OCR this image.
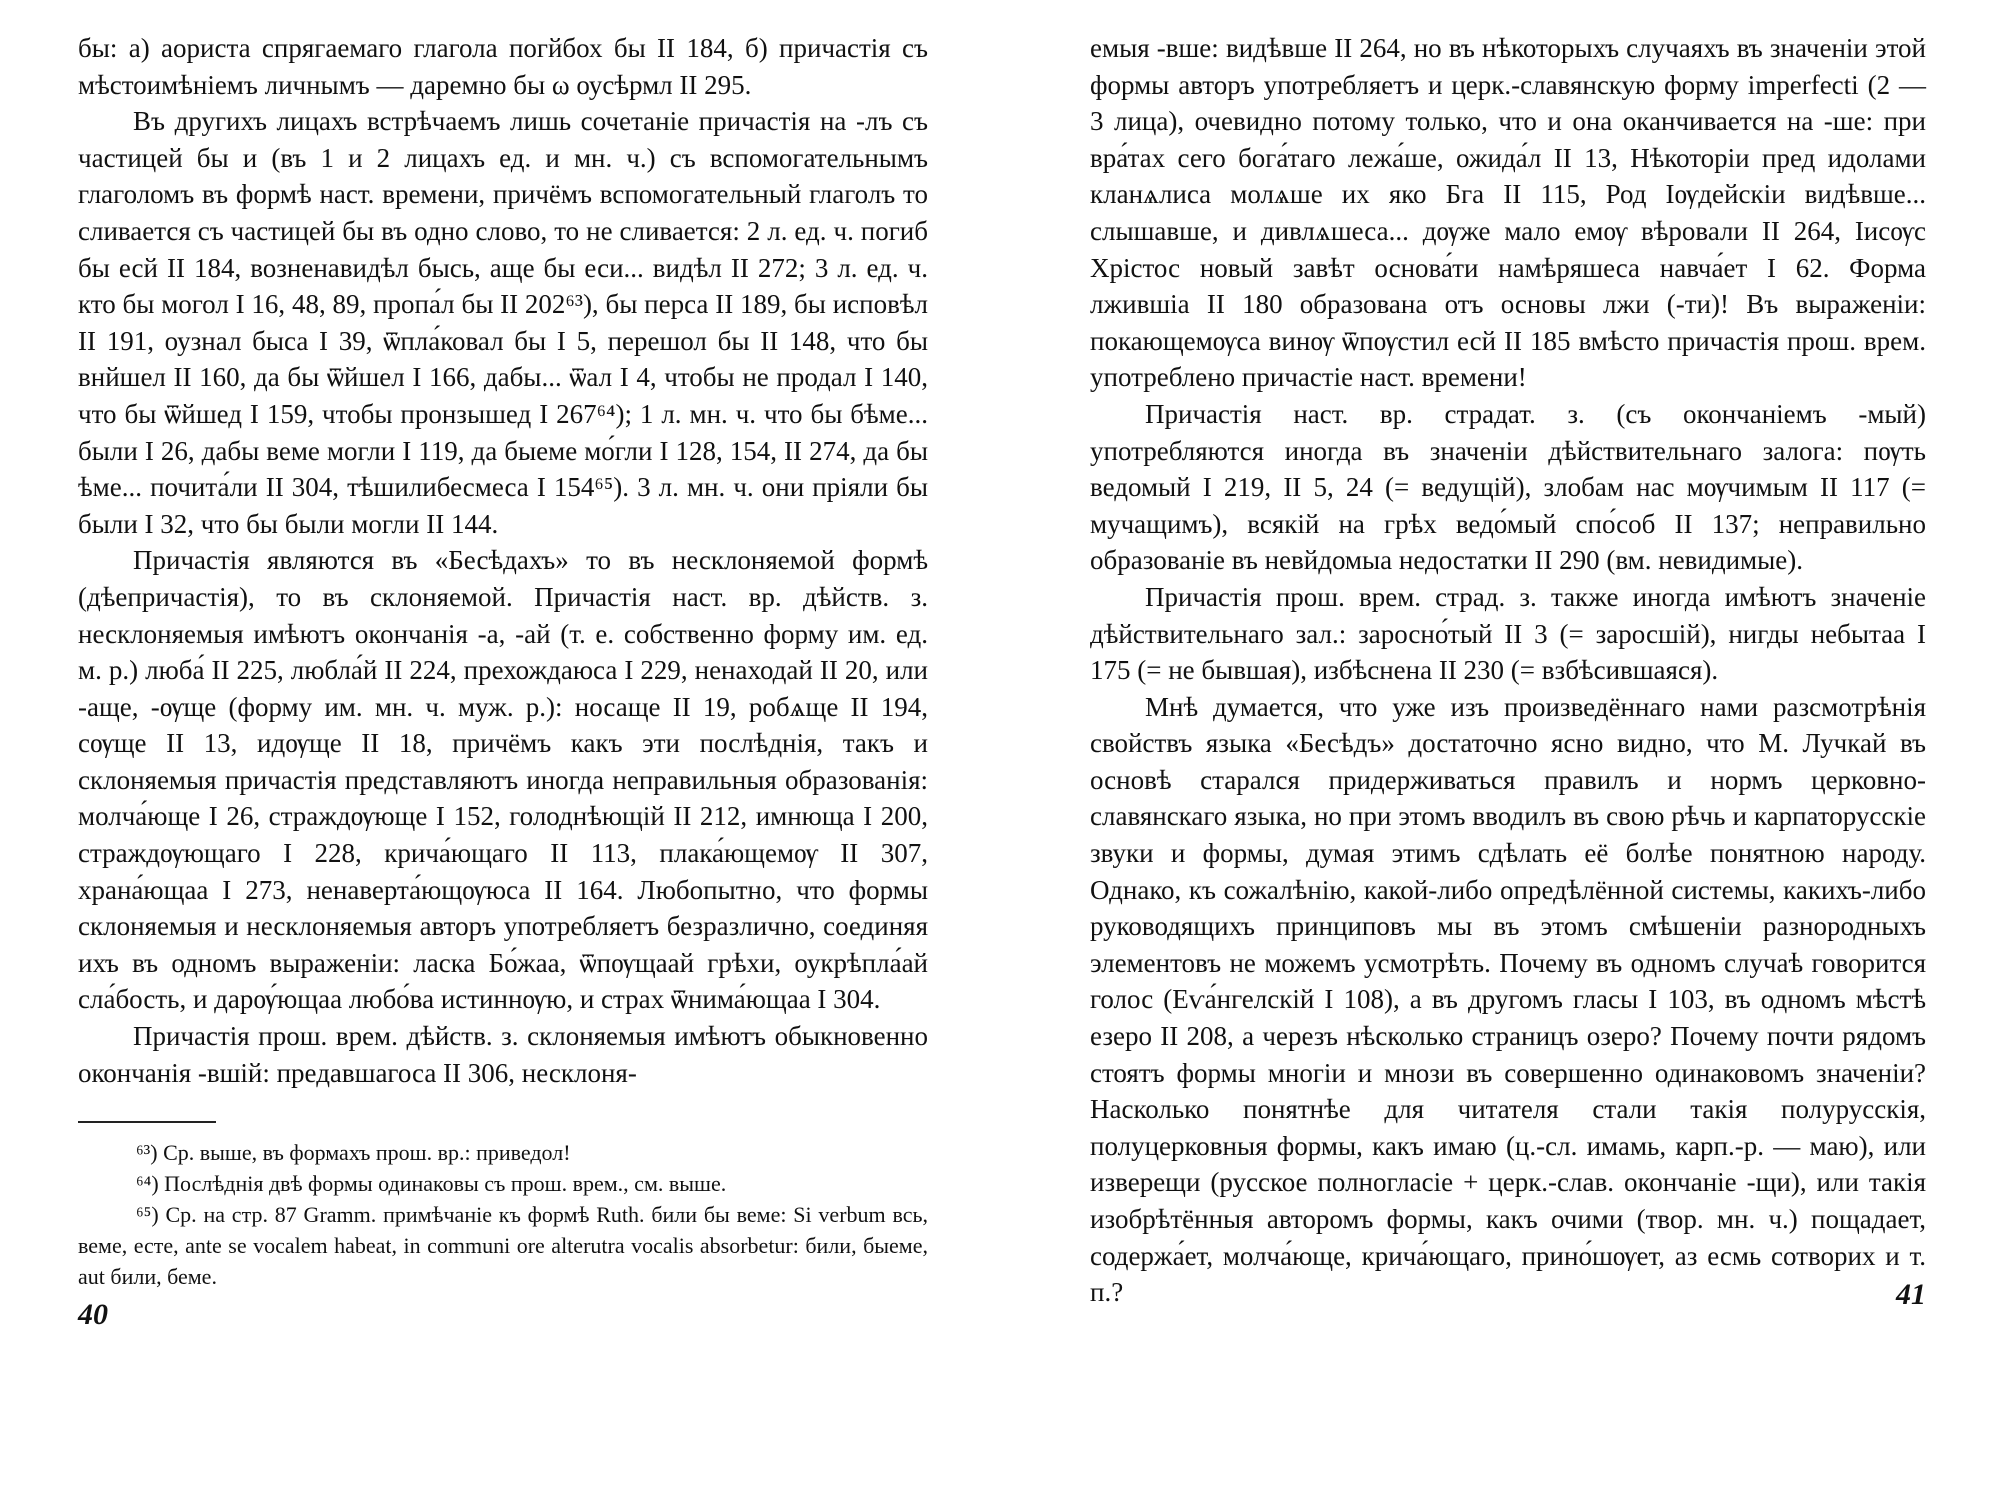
бы: а) аориста спрягаемаго глагола погйбох бы II 184, б) причастія съ мѣстоимѣніемъ личнымъ — даремно бы ω оусѣрмл II 295.

Въ другихъ лицахъ встрѣчаемъ лишь сочетаніе причастія на -лъ съ частицей бы и (въ 1 и 2 лицахъ ед. и мн. ч.) съ вспомогательнымъ глаголомъ въ формѣ наст. времени, причёмъ вспомогательный глаголъ то сливается съ частицей бы въ одно слово, то не сливается: 2 л. ед. ч. погиб бы есй II 184, возненавидѣл бысь, аще бы еси... видѣл II 272; 3 л. ед. ч. кто бы могол I 16, 48, 89, пропа́л бы II 202⁶³), бы перса II 189, бы исповѣл II 191, оузнал быса I 39, ѿпла́ковал бы I 5, перешол бы II 148, что бы внйшел II 160, да бы ѿйшел I 166, дабы... ѿал I 4, чтобы не продал I 140, что бы ѿйшед I 159, чтобы пронзышед I 267⁶⁴); 1 л. мн. ч. что бы бѣме... были I 26, дабы веме могли I 119, да быеме мо́гли I 128, 154, II 274, да бы ѣме... почита́ли II 304, тѣшилибесмеса I 154⁶⁵). 3 л. мн. ч. они пріяли бы были I 32, что бы были могли II 144.

Причастія являются въ «Бесѣдахъ» то въ несклоняемой формѣ (дѣепричастія), то въ склоняемой. Причастія наст. вр. дѣйств. з. несклоняемыя имѣютъ окончанія -а, -ай (т. е. собственно форму им. ед. м. р.) люба́ II 225, любла́й II 224, прехождаюса I 229, ненаходай II 20, или -аще, -ѹще (форму им. мн. ч. муж. р.): носаще II 19, робѧще II 194, сѹще II 13, идѹще II 18, причёмъ какъ эти послѣднія, такъ и склоняемыя причастія представляютъ иногда неправильныя образованія: молча́юще I 26, страждѹюще I 152, голоднѣющій II 212, имнюща I 200, страждѹющаго I 228, крича́ющаго II 113, плака́ющемѹ II 307, храна́ющаа I 273, ненаверта́ющѹюса II 164. Любопытно, что формы склоняемыя и несклоняемыя авторъ употребляетъ безразлично, соединяя ихъ въ одномъ выраженіи: ласка Бо́жаа, ѿпѹщаай грѣхи, оукрѣпла́ай сла́бость, и дарѹ́ющаа любо́ва истиннѹю, и страх ѿнима́ющаа I 304.

Причастія прош. врем. дѣйств. з. склоняемыя имѣютъ обыкновенно окончанія -вшій: предавшагоса II 306, несклоня-

⁶³) Ср. выше, въ формахъ прош. вр.: приведол!

⁶⁴) Послѣднія двѣ формы одинаковы съ прош. врем., см. выше.

⁶⁵) Ср. на стр. 87 Gramm. примѣчаніе къ формѣ Ruth. били бы веме: Si verbum всь, веме, есте, ante se vocalem habeat, in communi ore alterutra vocalis absorbetur: били, быеме, aut били, беме.

40

емыя -вше: видѣвше II 264, но въ нѣкоторыхъ случаяхъ въ значеніи этой формы авторъ употребляетъ и церк.-славянскую форму imperfecti (2 — 3 лица), очевидно потому только, что и она оканчивается на -ше: при вра́тах сего бога́таго лежа́ше, ожида́л II 13, Нѣкоторіи пред идолами кланѧлиса молѧше их яко Бга II 115, Род Іѹдейскіи видѣвше... слышавше, и дивлѧшеса... дѹже мало емѹ вѣровали II 264, Іисѹс Хрістос новый завѣт основа́ти намѣряшеса навча́ет I 62. Форма лжившіа II 180 образована отъ основы лжи (-ти)! Въ выраженіи: покающемѹса винѹ ѿпѹстил есй II 185 вмѣсто причастія прош. врем. употреблено причастіе наст. времени!

Причастія наст. вр. страдат. з. (съ окончаніемъ -мый) употребляются иногда въ значеніи дѣйствительнаго залога: пѹть ведомый I 219, II 5, 24 (= ведущій), злобам нас мѹчимым II 117 (= мучащимъ), всякій на грѣх ведо́мый спо́соб II 137; неправильно образованіе въ невйдомыа недостатки II 290 (вм. невидимые).

Причастія прош. врем. страд. з. также иногда имѣютъ значеніе дѣйствительнаго зал.: заросно́тый II 3 (= заросшій), нигды небытаа I 175 (= не бывшая), избѣснена II 230 (= взбѣсившаяся).

Мнѣ думается, что уже изъ произведённаго нами разсмотрѣнія свойствъ языка «Бесѣдъ» достаточно ясно видно, что М. Лучкай въ основѣ старался придерживаться правилъ и нормъ церковно-славянскаго языка, но при этомъ вводилъ въ свою рѣчь и карпаторусскіе звуки и формы, думая этимъ сдѣлать её болѣе понятною народу. Однако, къ сожалѣнію, какой-либо опредѣлённой системы, какихъ-либо руководящихъ принциповъ мы въ этомъ смѣшеніи разнородныхъ элементовъ не можемъ усмотрѣть. Почему въ одномъ случаѣ говорится голос (Еѵа́нгелскій I 108), а въ другомъ гласы I 103, въ одномъ мѣстѣ езеро II 208, а черезъ нѣсколько страницъ озеро? Почему почти рядомъ стоятъ формы многіи и мнози въ совершенно одинаковомъ значеніи? Насколько понятнѣе для читателя стали такія полурусскія, полуцерковныя формы, какъ имаю (ц.-сл. имамь, карп.-р. — маю), или изверещи (русское полногласіе + церк.-слав. окончаніе -щи), или такія изобрѣтённыя авторомъ формы, какъ очими (твор. мн. ч.) пощадает, содержа́ет, молча́юще, крича́ющаго, прино́шѹет, аз есмь сотворих и т. п.?	41
